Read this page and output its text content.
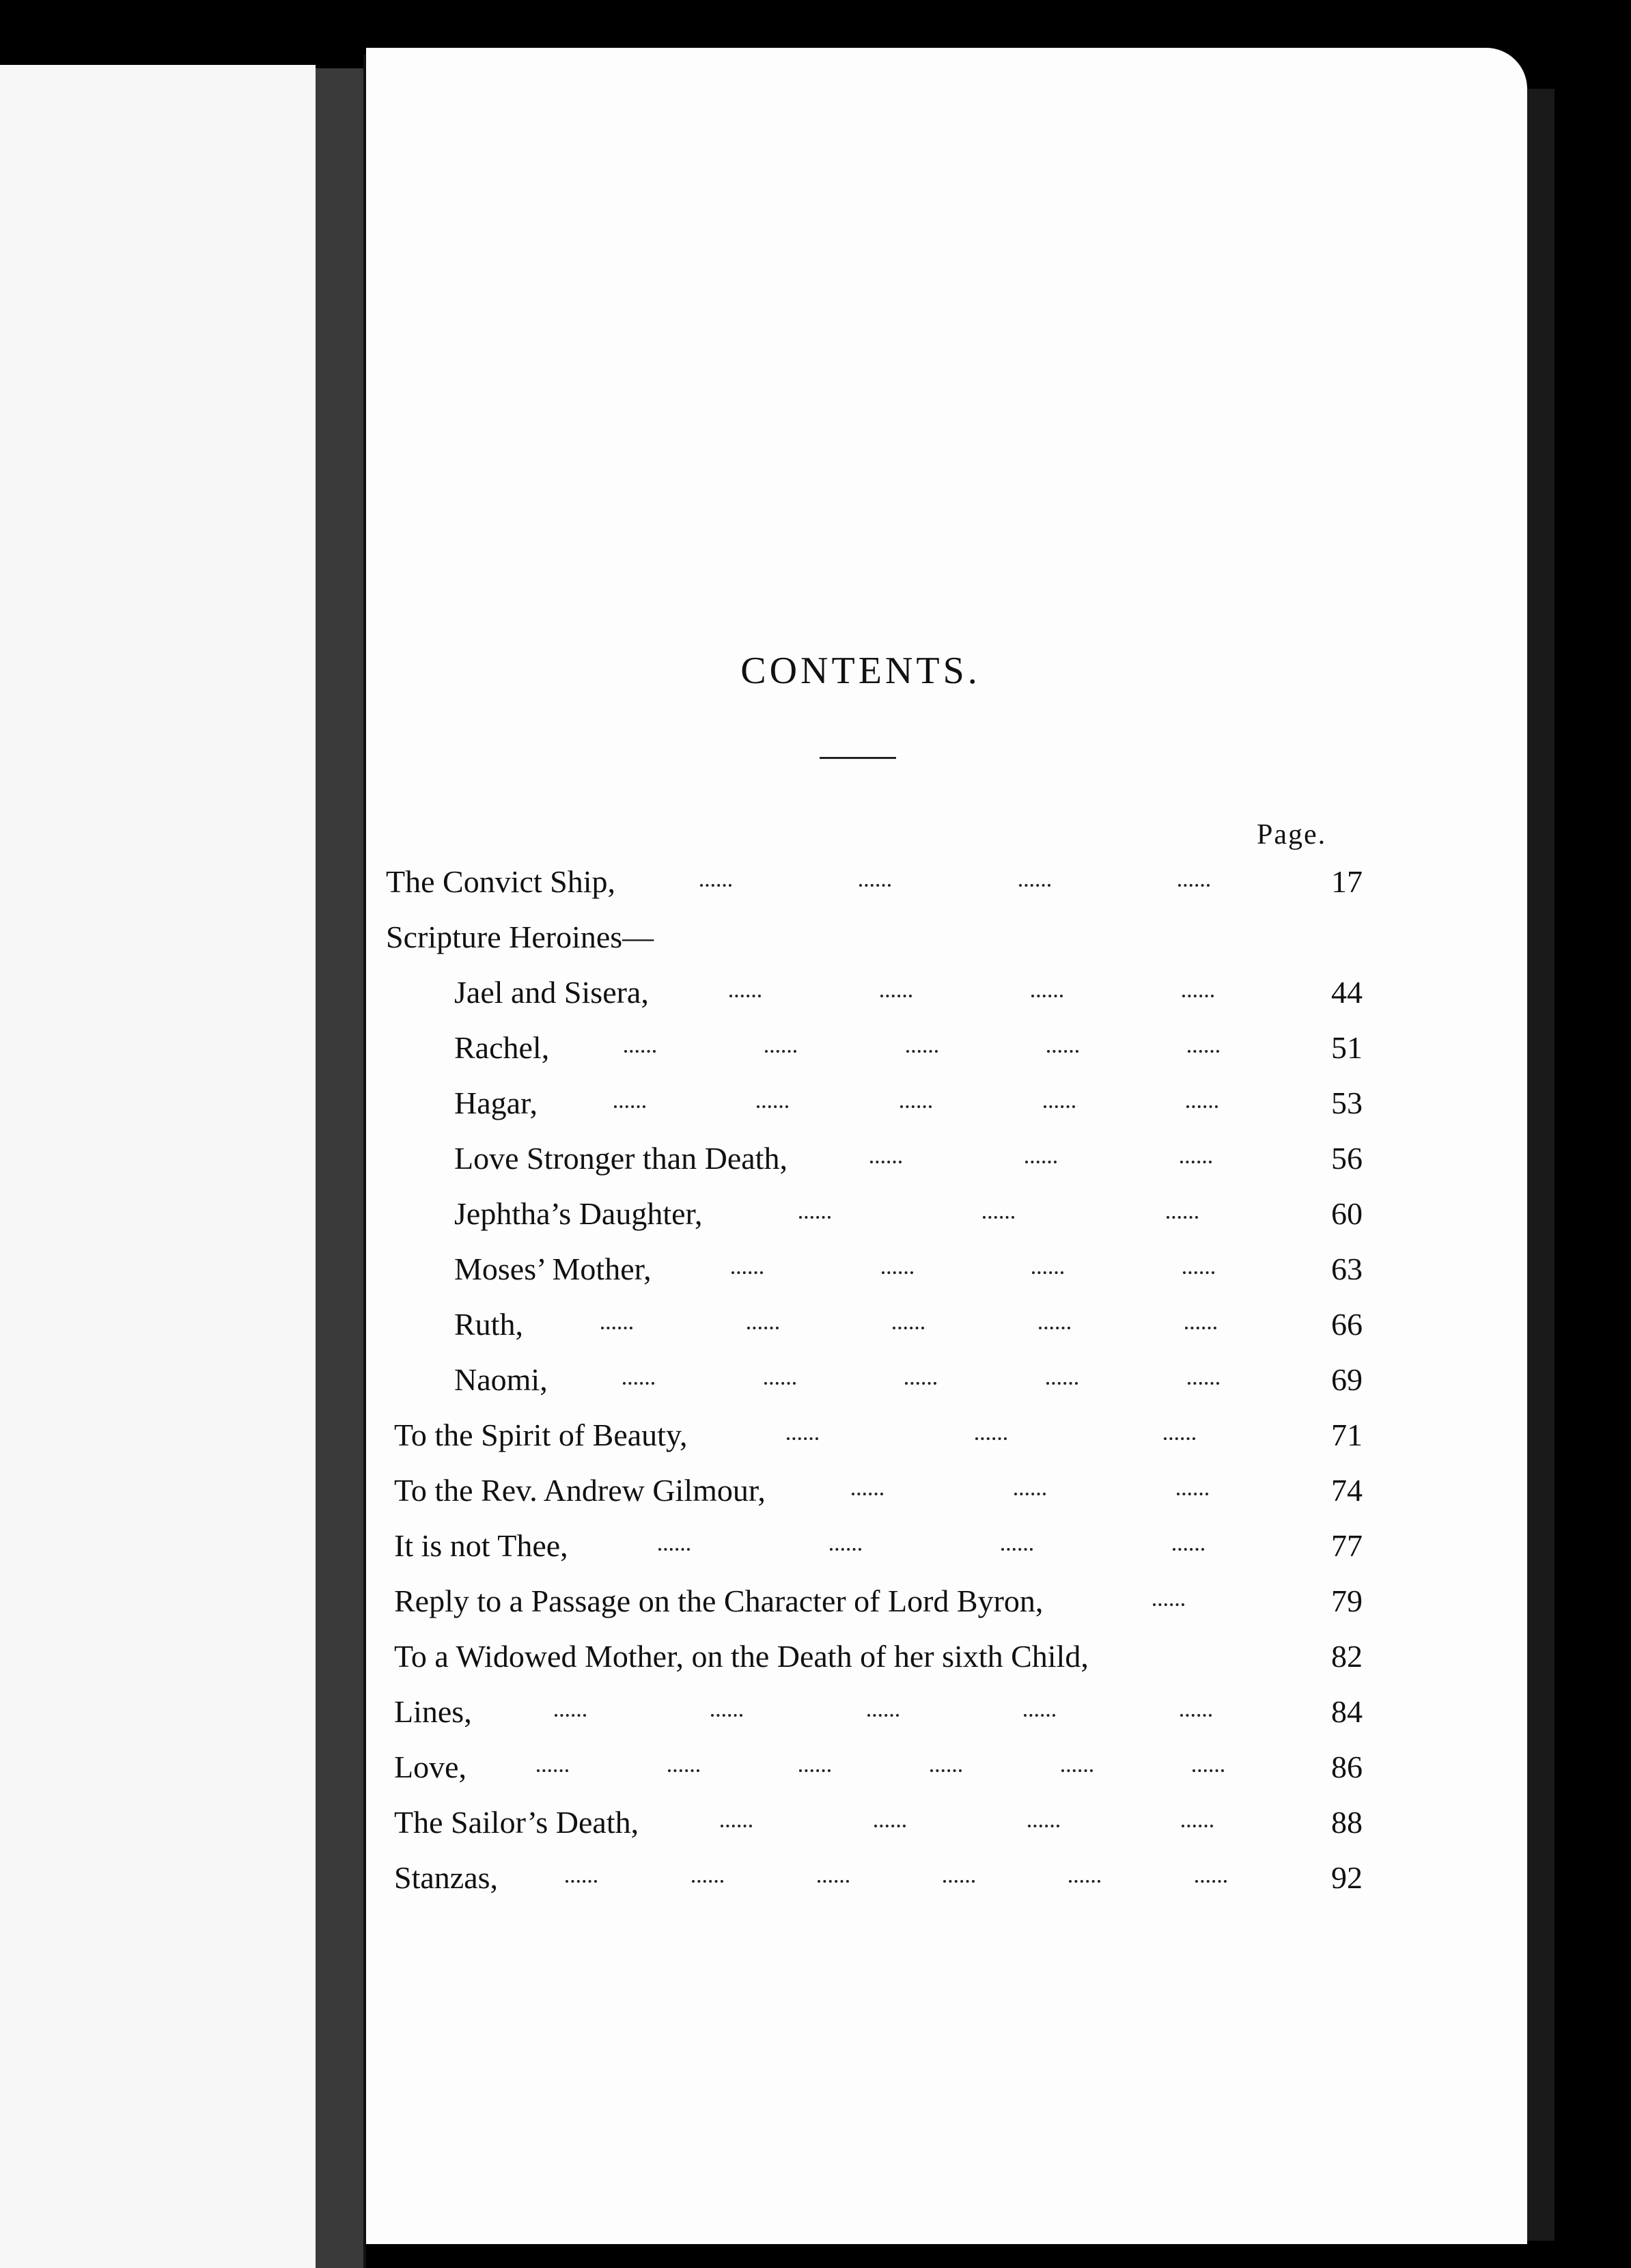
CONTENTS.
Page.
The Convict Ship,	17
Scripture Heroines—
Jael and Sisera,	44
Rachel,	51
Hagar,	53
Love Stronger than Death,	56
Jephtha’s Daughter,	60
Moses’ Mother,	63
Ruth,	66
Naomi,	69
To the Spirit of Beauty,	71
To the Rev. Andrew Gilmour,	74
It is not Thee,	77
Reply to a Passage on the Character of Lord Byron,	79
To a Widowed Mother, on the Death of her sixth Child,	82
Lines,	84
Love,	86
The Sailor’s Death,	88
Stanzas,	92
